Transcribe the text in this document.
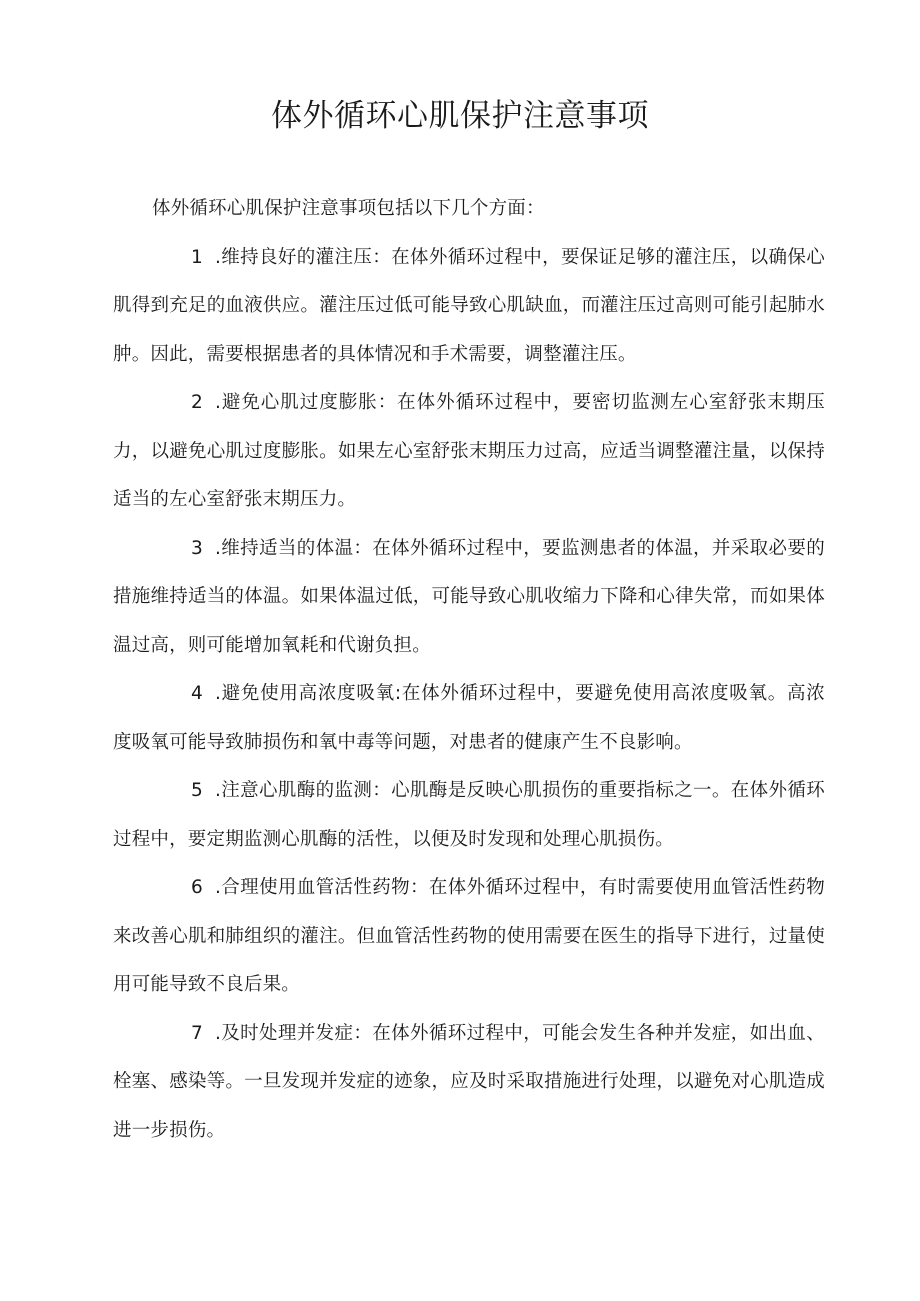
体外循环心肌保护注意事项

体外循环心肌保护注意事项包括以下几个方面：

1 .维持良好的灌注压：在体外循环过程中，要保证足够的灌注压，以确保心肌得到充足的血液供应。灌注压过低可能导致心肌缺血，而灌注压过高则可能引起肺水肿。因此，需要根据患者的具体情况和手术需要，调整灌注压。

2 .避免心肌过度膨胀：在体外循环过程中，要密切监测左心室舒张末期压力，以避免心肌过度膨胀。如果左心室舒张末期压力过高，应适当调整灌注量，以保持适当的左心室舒张末期压力。

3 .维持适当的体温：在体外循环过程中，要监测患者的体温，并采取必要的措施维持适当的体温。如果体温过低，可能导致心肌收缩力下降和心律失常，而如果体温过高，则可能增加氧耗和代谢负担。

4 .避免使用高浓度吸氧:在体外循环过程中，要避免使用高浓度吸氧。高浓度吸氧可能导致肺损伤和氧中毒等问题，对患者的健康产生不良影响。

5 .注意心肌酶的监测：心肌酶是反映心肌损伤的重要指标之一。在体外循环过程中，要定期监测心肌酶的活性，以便及时发现和处理心肌损伤。

6 .合理使用血管活性药物：在体外循环过程中，有时需要使用血管活性药物来改善心肌和肺组织的灌注。但血管活性药物的使用需要在医生的指导下进行，过量使用可能导致不良后果。

7 .及时处理并发症：在体外循环过程中，可能会发生各种并发症，如出血、栓塞、感染等。一旦发现并发症的迹象，应及时采取措施进行处理，以避免对心肌造成进一步损伤。
